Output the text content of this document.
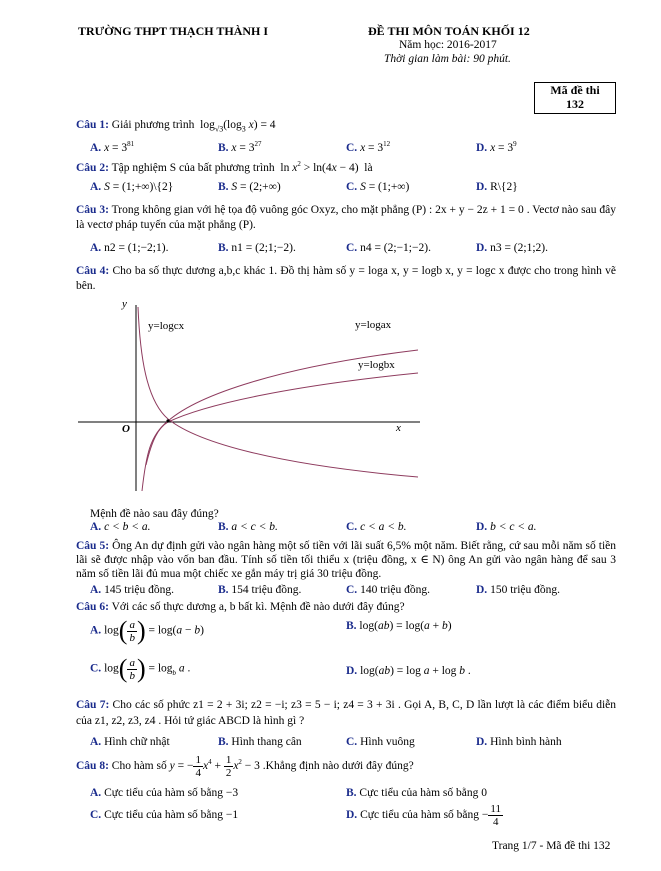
TRƯỜNG THPT THẠCH THÀNH I	ĐỀ THI MÔN TOÁN KHỐI 12
Năm học: 2016-2017
Thời gian làm bài: 90 phút.
Mã đề thi
132
Câu 1: Giải phương trình  $\log_{√3}(\log_3$ x) = 4
A. $x = 3^{81}$	B. $x = 3^{27}$	C. $x = 3^{12}$	D. $x = 3^9$
Câu 2: Tập nghiệm S của bất phương trình  $\ln x^2 > \ln(4x - 4)$  là
A. S = (1;+∞)\{2}	B. S = (2;+∞)	C. S = (1;+∞)	D. R\{2}
Câu 3: Trong không gian với hệ tọa độ vuông góc Oxyz, cho mặt phẳng (P) : 2x + y − 2z + 1 = 0 . Vectơ nào sau đây là vectơ pháp tuyến của mặt phẳng (P).
A. n2 = (1;−2;1).	B. n1 = (2;1;−2).	C. n4 = (2;−1;−2).	D. n3 = (2;1;2).
Câu 4: Cho ba số thực dương a,b,c khác 1. Đồ thị hàm số y = loga x, y = logb x, y = logc x được cho trong hình vẽ bên.
y
x
O
y=logcx	y=logax
y=logbx
Mệnh đề nào sau đây đúng?
A. c < b < a.	B. a < c < b.	C. c < a < b.	D. b < c < a.
Câu 5: Ông An dự định gửi vào ngân hàng một số tiền với lãi suất 6,5% một năm. Biết rằng, cứ sau mỗi năm số tiền lãi sẽ được nhập vào vốn ban đầu. Tính số tiền tối thiểu x (triệu đồng, x ∈ N) ông An gửi vào ngân hàng để sau 3 năm số tiền lãi đủ mua một chiếc xe gắn máy trị giá 30 triệu đồng.
A. 145 triệu đồng.	B. 154 triệu đồng.	C. 140 triệu đồng.	D. 150 triệu đồng.
Câu 6: Với các số thực dương a, b bất kì. Mệnh đề nào dưới đây đúng?
A. $\log( \frac{a}{b}$ ) = log(a − b)	B. log(ab) = log(a + b)
C. $\log( \frac{a}{b}$ ) = $\log_b a$ .	D. log(ab) = log a + log b .
Câu 7: Cho các số phức z1 = 2 + 3i; z2 = −i; z3 = 5 − i; z4 = 3 + 3i . Gọi A, B, C, D lần lượt là các điểm biểu diễn của z1, z2, z3, z4 . Hỏi tứ giác ABCD là hình gì ?
A. Hình chữ nhật	B. Hình thang cân	C. Hình vuông	D. Hình bình hành
Câu 8: Cho hàm số y = − $\frac{1}{4} x^4 + \frac{1}{2} x^2 - 3$ .Khẳng định nào dưới đây đúng?
A. Cực tiểu của hàm số bằng −3	B. Cực tiểu của hàm số bằng 0
C. Cực tiểu của hàm số bằng −1	D. Cực tiểu của hàm số bằng − $\frac{11}{4}$
Trang 1/7 - Mã đề thi 132
